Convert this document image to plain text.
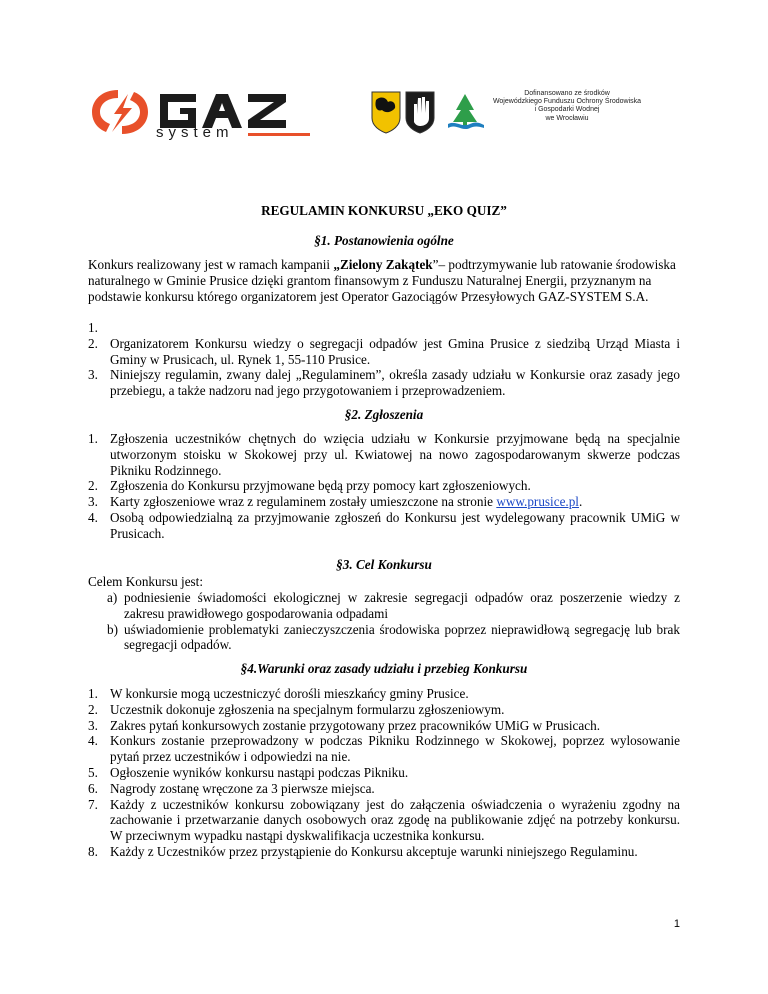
system
Dofinansowano ze środków
Wojewódzkiego Funduszu Ochrony Środowiska
i Gospodarki Wodnej
we Wrocławiu
REGULAMIN KONKURSU „EKO QUIZ”
§1. Postanowienia ogólne
Konkurs realizowany jest w ramach kampanii „Zielony Zakątek”– podtrzymywanie lub ratowanie środowiska naturalnego w Gminie Prusice dzięki grantom finansowym z Funduszu Naturalnej Energii, przyznanym na podstawie konkursu którego organizatorem jest Operator Gazociągów Przesyłowych GAZ-SYSTEM S.A.
1.

2. Organizatorem Konkursu wiedzy o segregacji odpadów jest Gmina Prusice z siedzibą Urząd Miasta i Gminy w Prusicach, ul. Rynek 1, 55-110 Prusice.
3. Niniejszy regulamin, zwany dalej „Regulaminem”, określa zasady udziału w Konkursie oraz zasady jego przebiegu, a także nadzoru nad jego przygotowaniem i przeprowadzeniem.
§2. Zgłoszenia
1. Zgłoszenia uczestników chętnych do wzięcia udziału w Konkursie przyjmowane będą na specjalnie utworzonym stoisku w Skokowej przy ul. Kwiatowej na nowo zagospodarowanym skwerze podczas Pikniku Rodzinnego.
2. Zgłoszenia do Konkursu przyjmowane będą przy pomocy kart zgłoszeniowych.
3. Karty zgłoszeniowe wraz z regulaminem zostały umieszczone na stronie www.prusice.pl.
4. Osobą odpowiedzialną za przyjmowanie zgłoszeń do Konkursu jest wydelegowany pracownik UMiG w Prusicach.
§3. Cel Konkursu
Celem Konkursu jest:
a) podniesienie świadomości ekologicznej w zakresie segregacji odpadów oraz poszerzenie wiedzy z zakresu prawidłowego gospodarowania odpadami
b) uświadomienie problematyki zanieczyszczenia środowiska poprzez nieprawidłową segregację lub brak segregacji odpadów.
§4.Warunki oraz zasady udziału i przebieg Konkursu
1. W konkursie mogą uczestniczyć dorośli mieszkańcy gminy Prusice.
2. Uczestnik dokonuje zgłoszenia na specjalnym formularzu zgłoszeniowym.
3. Zakres pytań konkursowych zostanie przygotowany przez pracowników UMiG w Prusicach.
4. Konkurs zostanie przeprowadzony w podczas Pikniku Rodzinnego w Skokowej, poprzez wylosowanie pytań przez uczestników i odpowiedzi na nie.
5. Ogłoszenie wyników konkursu nastąpi podczas Pikniku.
6. Nagrody zostanę wręczone za 3 pierwsze miejsca.
7. Każdy z uczestników konkursu zobowiązany jest do załączenia oświadczenia o wyrażeniu zgodny na zachowanie i przetwarzanie danych osobowych oraz zgodę na publikowanie zdjęć na potrzeby konkursu. W przeciwnym wypadku nastąpi dyskwalifikacja uczestnika konkursu.
8. Każdy z Uczestników przez przystąpienie do Konkursu akceptuje warunki niniejszego Regulaminu.
1
